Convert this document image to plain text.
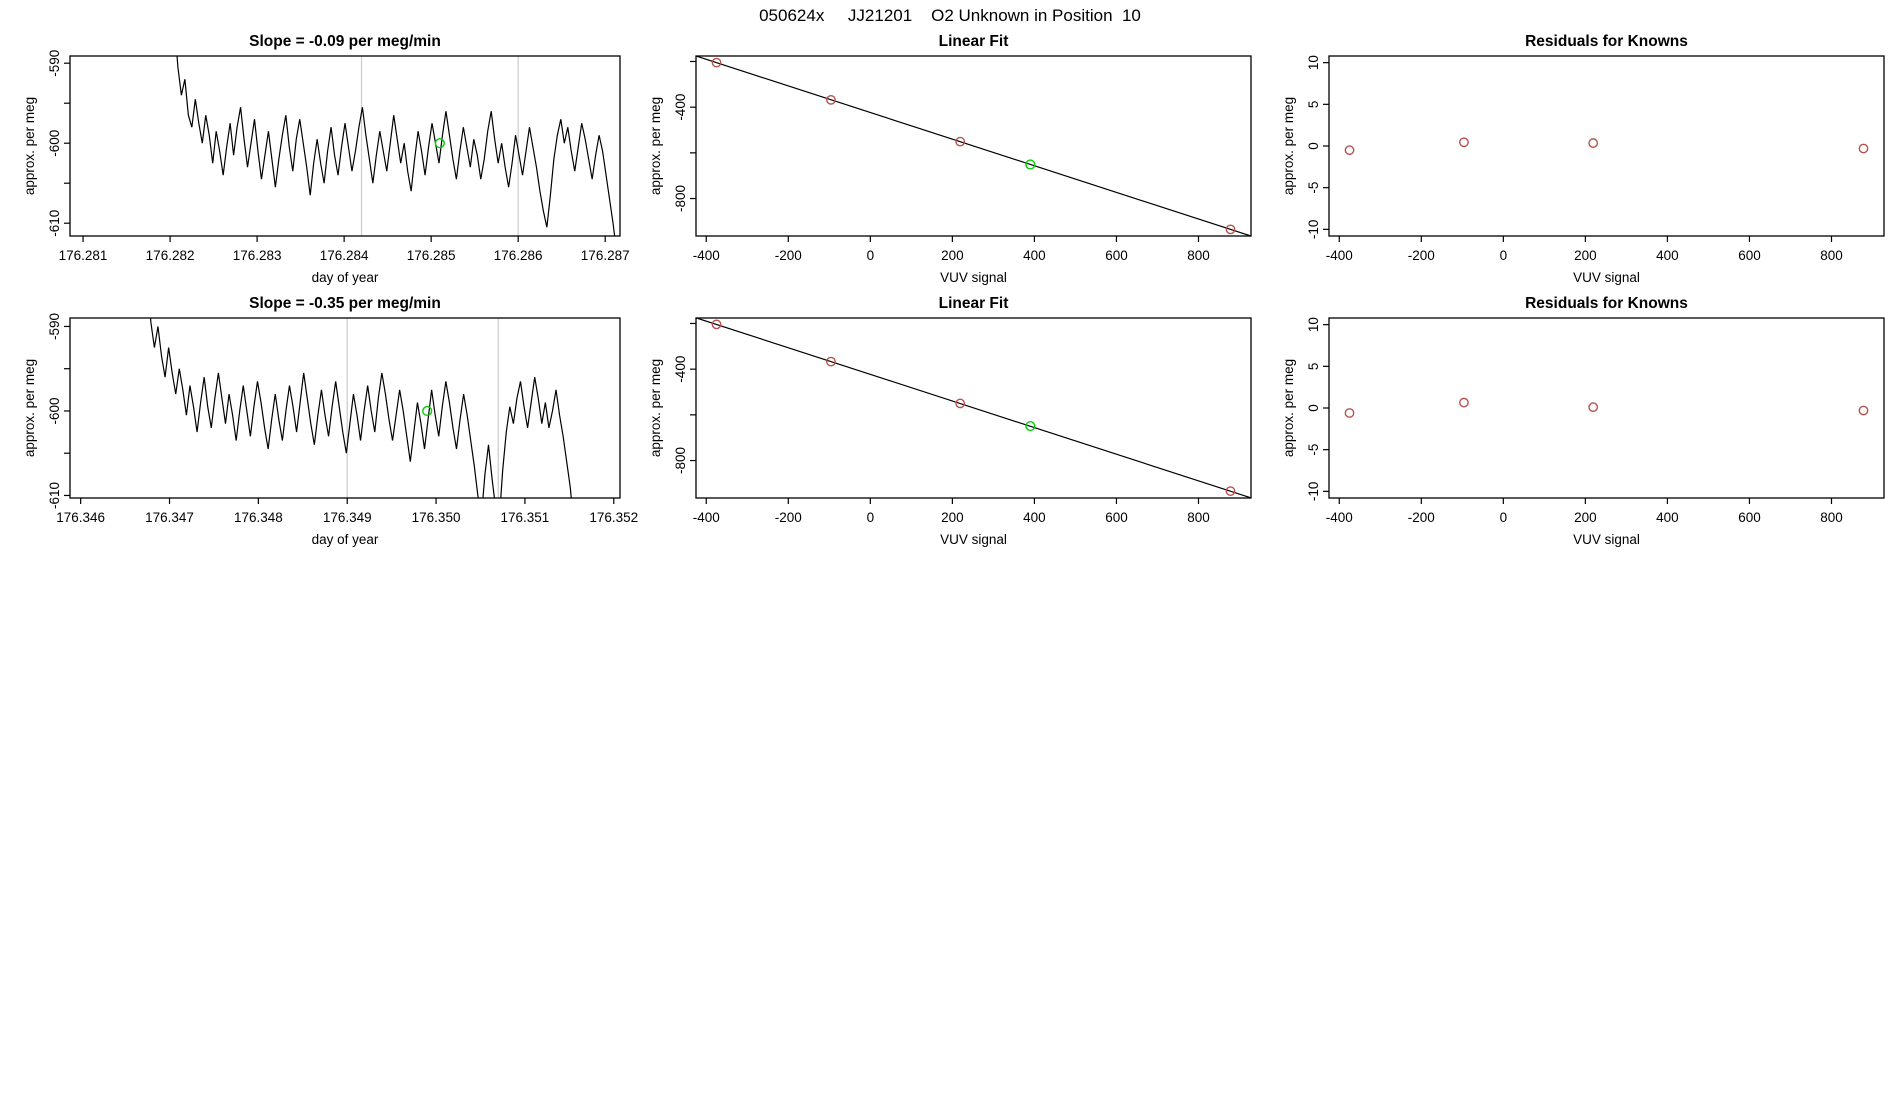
050624x     JJ21201    O2 Unknown in Position  10
176.281	176.282	176.283	176.284	176.285	176.286	176.287
-610
-600
-590
Slope = -0.09 per meg/min
day of year
approx. per meg
-400	-200	0	200	400	600	800
-800
-400
Linear Fit
VUV signal
approx. per meg
-400	-200	0	200	400	600	800
-10
-5
0
5
10
Residuals for Knowns
VUV signal
approx. per meg
176.346	176.347	176.348	176.349	176.350	176.351	176.352
-610
-600
-590
Slope = -0.35 per meg/min
day of year
approx. per meg
-400	-200	0	200	400	600	800
-800
-400
Linear Fit
VUV signal
approx. per meg
-400	-200	0	200	400	600	800
-10
-5
0
5
10
Residuals for Knowns
VUV signal
approx. per meg
